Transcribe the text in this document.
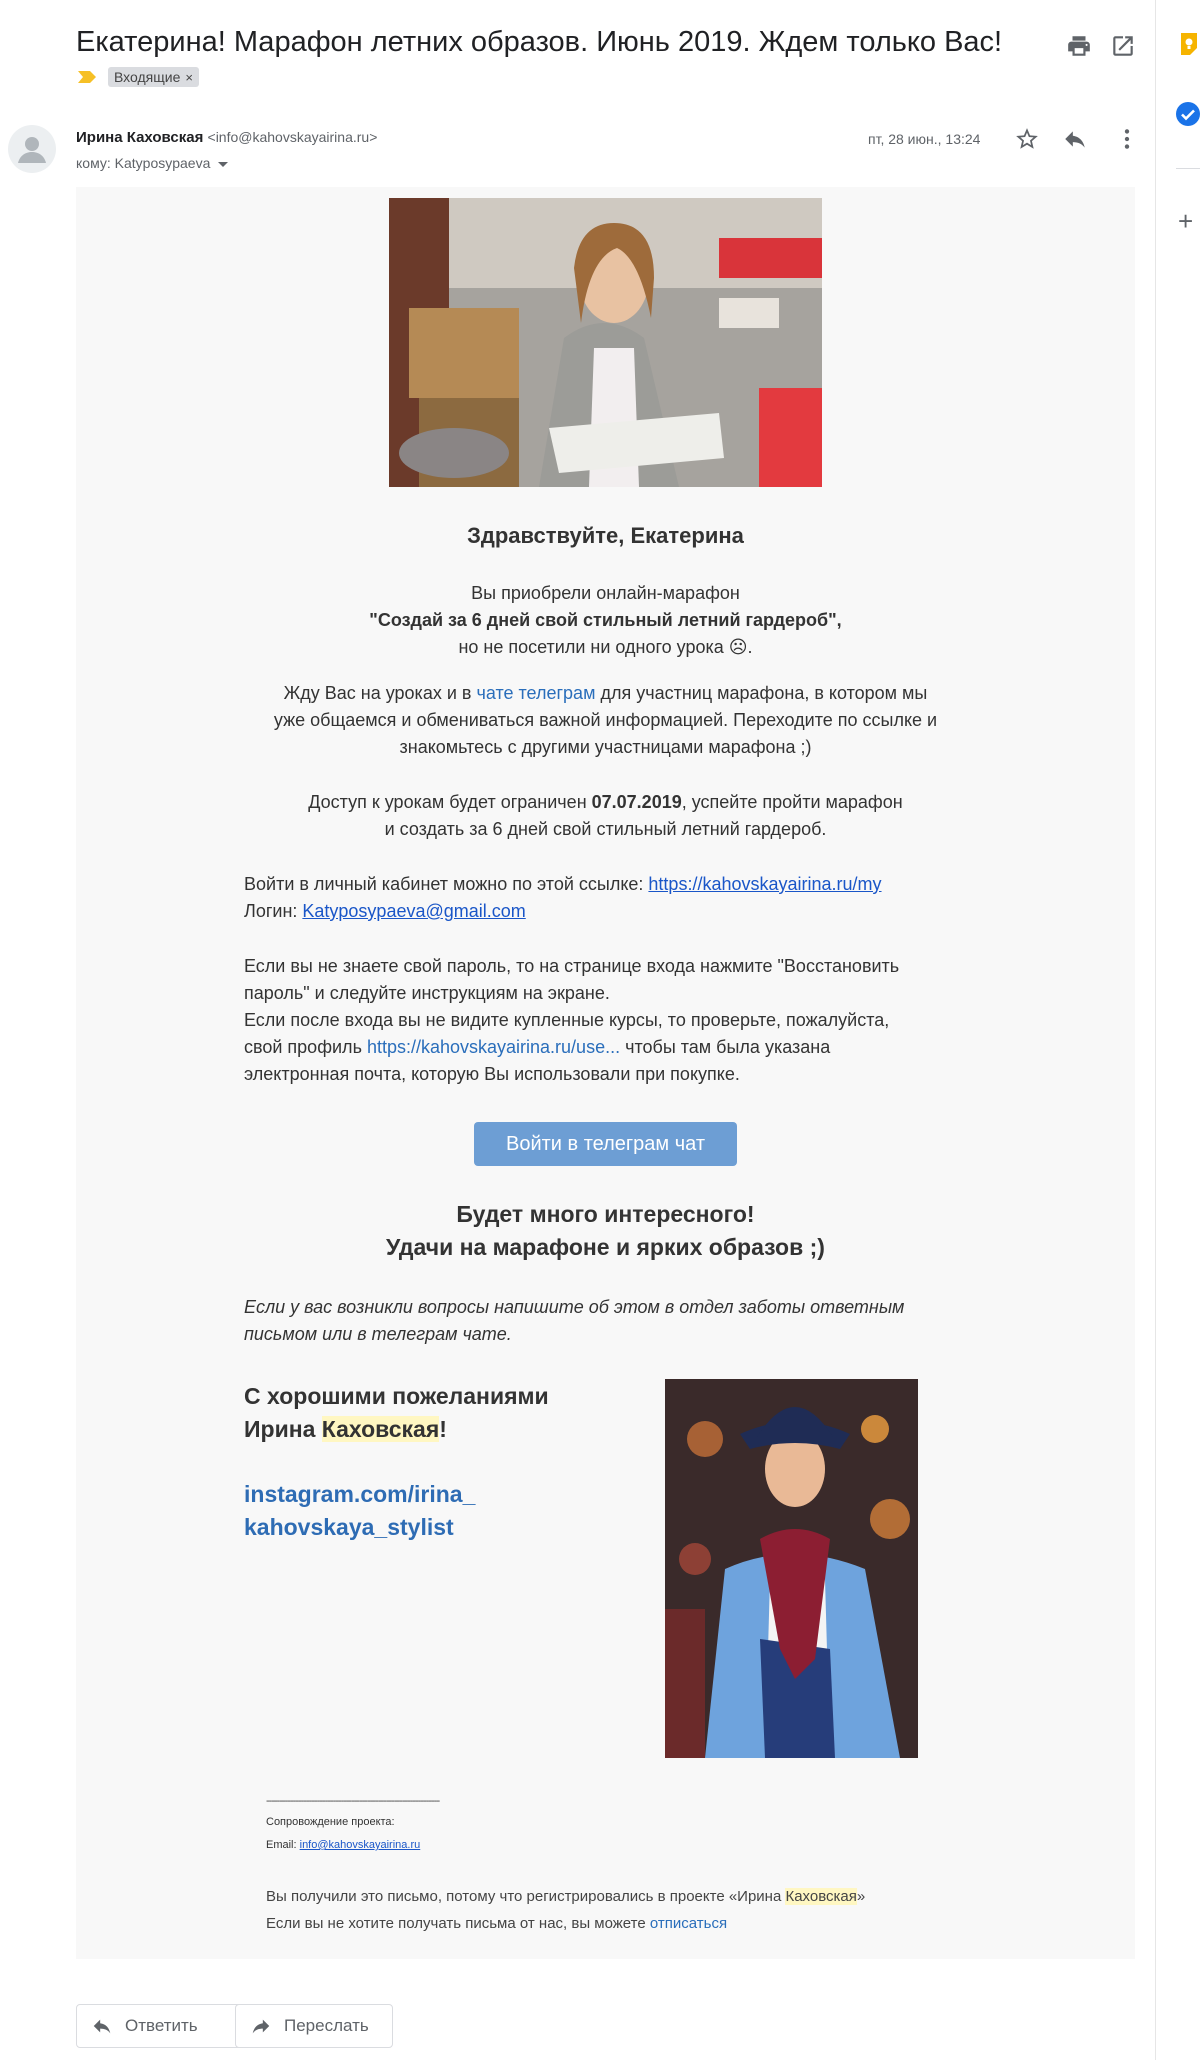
Екатерина! Марафон летних образов. Июнь 2019. Ждем только Вас!
Входящие ×
Ирина Каховская <info@kahovskayairina.ru>
кому: Katyposypaeva
пт, 28 июн., 13:24
+
Здравствуйте, Екатерина
Вы приобрели онлайн-марафон
"Создай за 6 дней свой стильный летний гардероб",
но не посетили ни одного урока ☹.
Жду Вас на уроках и в чате телеграм для участниц марафона, в котором мы
уже общаемся и обмениваться важной информацией. Переходите по ссылке и
знакомьтесь с другими участницами марафона ;)
Доступ к урокам будет ограничен 07.07.2019, успейте пройти марафон
и создать за 6 дней свой стильный летний гардероб.
Войти в личный кабинет можно по этой ссылке: https://kahovskayairina.ru/my
Логин: Katyposypaeva@gmail.com
Если вы не знаете свой пароль, то на странице входа нажмите "Восстановить
пароль" и следуйте инструкциям на экране.
Если после входа вы не видите купленные курсы, то проверьте, пожалуйста,
свой профиль https://kahovskayairina.ru/use... чтобы там была указана
электронная почта, которую Вы использовали при покупке.
Войти в телеграм чат
Будет много интересного!
Удачи на марафоне и ярких образов ;)
Если у вас возникли вопросы напишите об этом в отдел заботы ответным
письмом или в телеграм чате.
С хорошими пожеланиями
Ирина Каховская!
instagram.com/irina_
kahovskaya_stylist
-----------------------------------------------------------------
Сопровождение проекта:
Email: info@kahovskayairina.ru
Вы получили это письмо, потому что регистрировались в проекте «Ирина Каховская»
Если вы не хотите получать письма от нас, вы можете отписаться
Ответить	Переслать
